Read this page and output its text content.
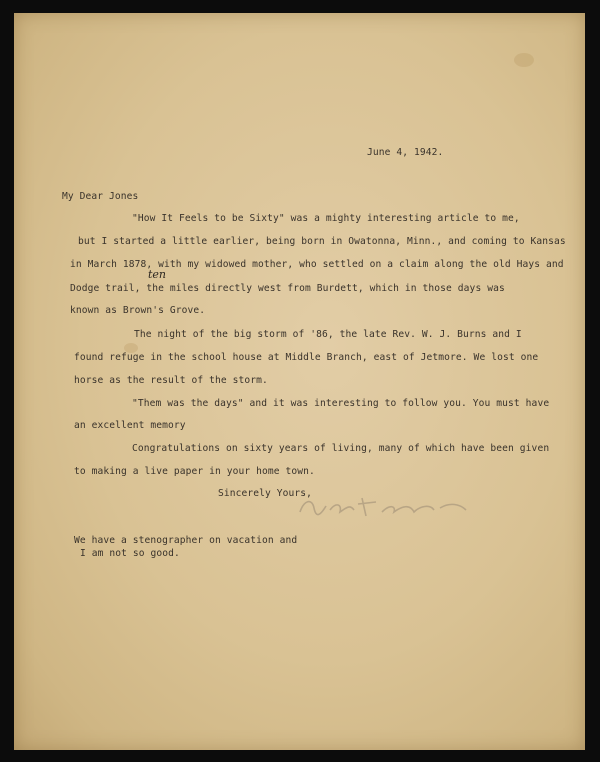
June 4, 1942.
My Dear Jones
"How It Feels to be Sixty" was a mighty interesting article to me,
but I started a little earlier, being born in Owatonna, Minn., and coming to Kansas
in March 1878, with my widowed mother, who settled on a claim along the old Hays and
ten
Dodge trail, the miles directly west from Burdett, which in those days was
known as Brown's Grove.
The night of the big storm of '86, the late Rev. W. J. Burns and I
found refuge in the school house at Middle Branch, east of Jetmore. We lost one
horse as the result of the storm.
"Them was the days" and it was interesting to follow you. You must have
an excellent memory
Congratulations on sixty years of living, many of which have been given
to making a live paper in your home town.
Sincerely Yours,
We have a stenographer on vacation and
I am not so good.
